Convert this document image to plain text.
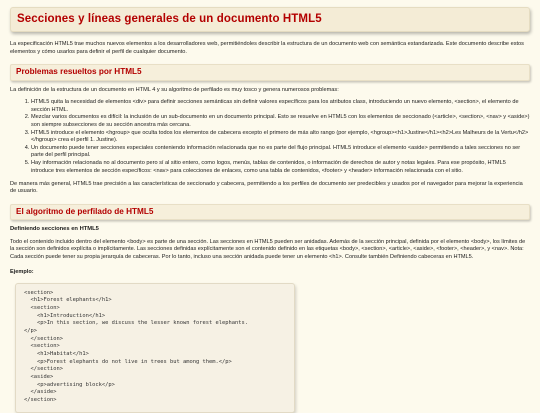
Secciones y líneas generales de un documento HTML5

La especificación HTML5 trae muchos nuevos elementos a los desarrolladores web, permitiéndoles describir la estructura de un documento web con semántica estandarizada. Este documento describe estos elementos y cómo usarlos para definir el perfil de cualquier documento.

Problemas resueltos por HTML5

La definición de la estructura de un documento en HTML 4 y su algoritmo de perfilado es muy tosco y genera numerosos problemas:

1. HTML5 quita la necesidad de elementos <div> para definir secciones semánticas sin definir valores específicos para los atributos class, introduciendo un nuevo elemento, <section>, el elemento de sección HTML.
2. Mezclar varios documentos es difícil: la inclusión de un sub-documento en un documento principal. Esto se resuelve en HTML5 con los elementos de seccionado (<article>, <section>, <nav> y <aside>) son siempre subsecciones de su sección ancestra más cercana.
3. HTML5 introduce el elemento <hgroup> que oculta todos los elementos de cabecera excepto el primero de más alto rango (por ejemplo, <hgroup><h1>Justine</h1><h2>Les Malheurs de la Vertu</h2></hgroup> crea el perfil 1. Justine).
4. Un documento puede tener secciones especiales conteniendo información relacionada que no es parte del flujo principal. HTML5 introduce el elemento <aside> permitiendo a tales secciones no ser parte del perfil principal.
5. Hay información relacionada no al documento pero sí al sitio entero, como logos, menús, tablas de contenidos, o información de derechos de autor y notas legales. Para ese propósito, HTML5 introduce tres elementos de sección específicos: <nav> para colecciones de enlaces, como una tabla de contenidos, <footer> y <header> información relacionada con el sitio.

De manera más general, HTML5 trae precisión a las características de seccionado y cabecera, permitiendo a los perfiles de documento ser predecibles y usados por el navegador para mejorar la experiencia de usuario.

El algoritmo de perfilado de HTML5
Definiendo secciones en HTML5

Todo el contenido incluido dentro del elemento <body> es parte de una sección. Las secciones en HTML5 pueden ser anidadas. Además de la sección principal, definida por el elemento <body>, los límites de la sección son definidos explícita o implícitamente. Las secciones definidas explícitamente son el contenido definido en las etiquetas <body>, <section>, <article>, <aside>, <footer>, <header>, y <nav>. Nota: Cada sección puede tener su propia jerarquía de cabeceras. Por lo tanto, incluso una sección anidada puede tener un elemento <h1>. Consulte también Definiendo cabeceras en HTML5.

Ejemplo:
<section>
<h1>Forest elephants</h1>
<section>
<h1>Introduction</h1>
<p>In this section, we discuss the lesser known forest elephants.
</p>
</section>
<section>
<h1>Habitat</h1>
<p>Forest elephants do not live in trees but among them.</p>
</section>
<aside>
<p>advertising block</p>
</aside>
</section>
